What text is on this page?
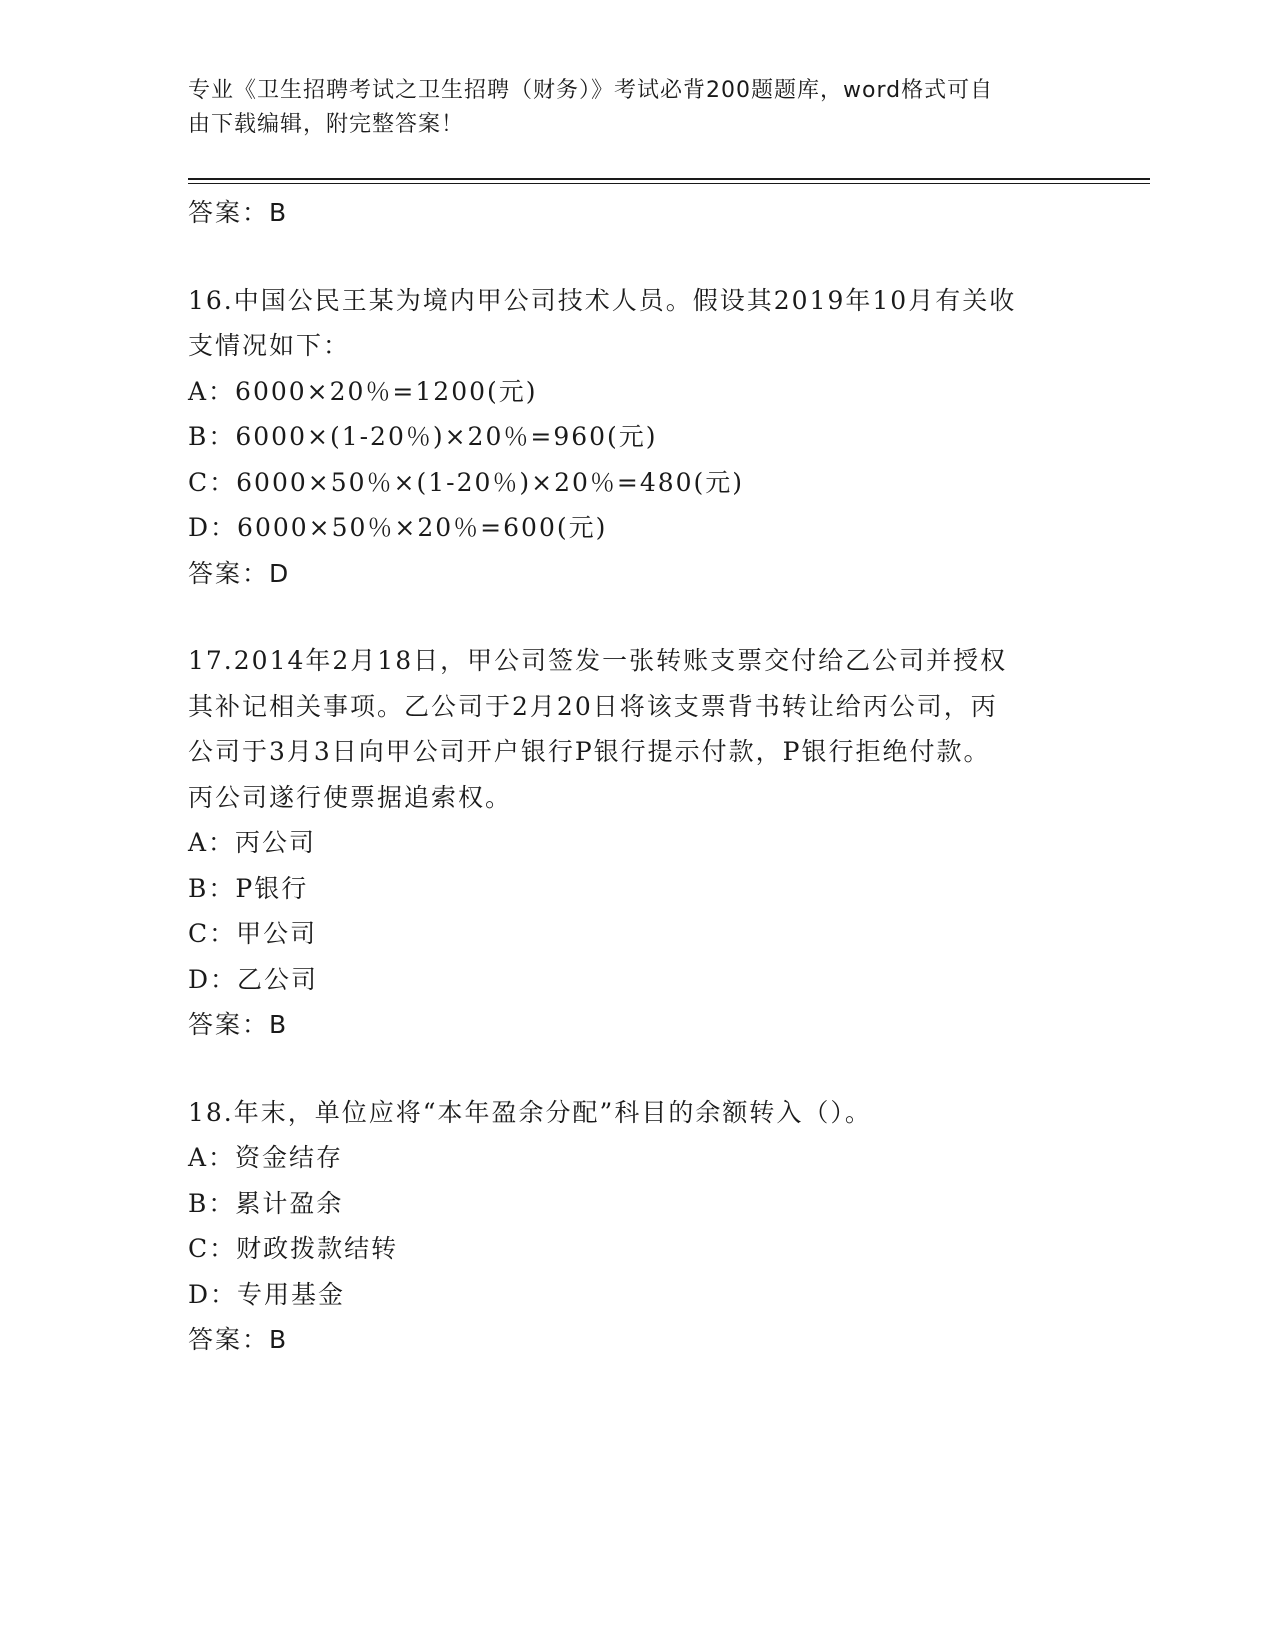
专业《卫生招聘考试之卫生招聘（财务）》考试必背200题题库，word格式可自
由下载编辑，附完整答案！
答案：B
16.中国公民王某为境内甲公司技术人员。假设其2019年10月有关收
支情况如下：
A：6000×20％=1200(元)
B：6000×(1-20％)×20％=960(元)
C：6000×50％×(1-20％)×20％=480(元)
D：6000×50％×20％=600(元)
答案：D
17.2014年2月18日，甲公司签发一张转账支票交付给乙公司并授权
其补记相关事项。乙公司于2月20日将该支票背书转让给丙公司，丙
公司于3月3日向甲公司开户银行P银行提示付款，P银行拒绝付款。
丙公司遂行使票据追索权。
A：丙公司
B：P银行
C：甲公司
D：乙公司
答案：B
18.年末，单位应将“本年盈余分配”科目的余额转入（）。
A：资金结存
B：累计盈余
C：财政拨款结转
D：专用基金
答案：B
